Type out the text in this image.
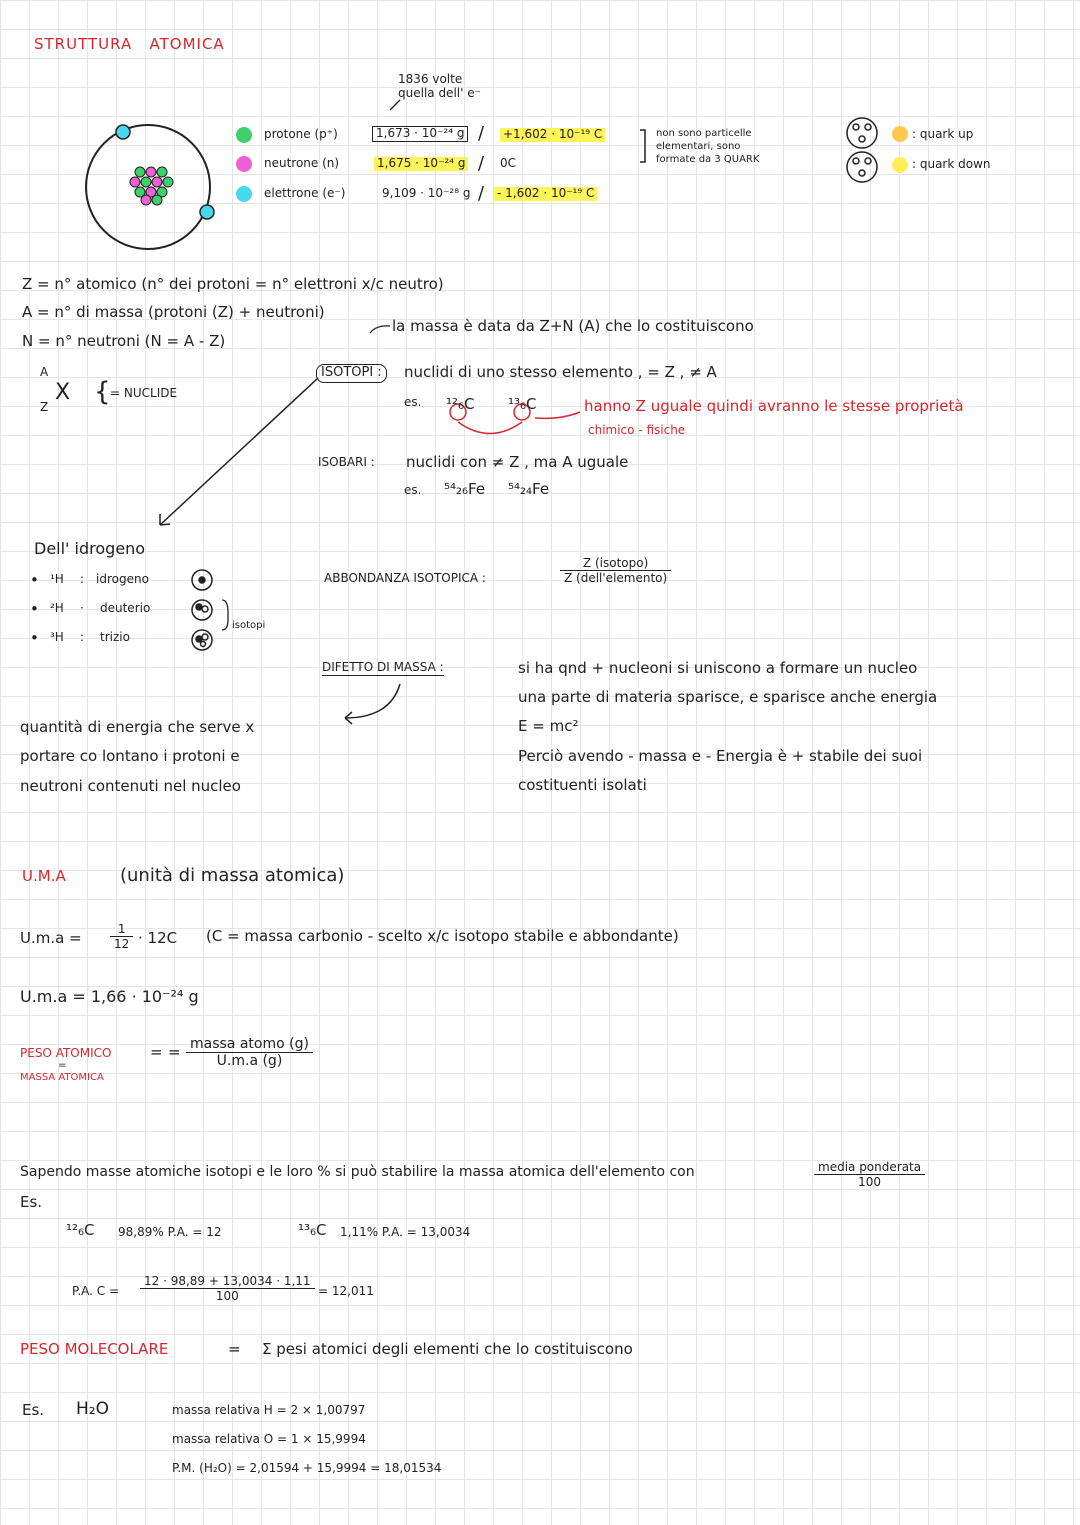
STRUTTURA ATOMICA
1836 volte
quella dell' e⁻
protone (p⁺)	1,673 · 10⁻²⁴ g / +1,602 · 10⁻¹⁹ C
neutrone (n)	1,675 · 10⁻²⁴ g / 0C
elettrone (e⁻)	9,109 · 10⁻²⁸ g / - 1,602 · 10⁻¹⁹ C
non sono particelle
elementari, sono
formate da 3 QUARK
: quark up
: quark down
Z = n° atomico (n° dei protoni = n° elettroni x/c neutro)
A = n° di massa (protoni (Z) + neutroni)
N = n° neutroni (N = A - Z)
A
X
Z { = NUCLIDE
la massa è data da Z+N (A) che lo costituiscono
ISOTOPI :	nuclidi di uno stesso elemento , = Z , ≠ A
es. ¹²₆C ¹³₆C	hanno Z uguale quindi avranno le stesse proprietà
chimico - fisiche
ISOBARI : nuclidi con ≠ Z , ma A uguale
es. ⁵⁴₂₆Fe ⁵⁴₂₄Fe
ABBONDANZA ISOTOPICA :
Z (isotopo)
Z (dell'elemento)
Dell' idrogeno
• ¹H : idrogeno
• ²H · deuterio
• ³H : trizio
isotopi
DIFETTO DI MASSA :	si ha qnd + nucleoni si uniscono a formare un nucleo
una parte di materia sparisce, e sparisce anche energia
E = mc²
Perciò avendo - massa e - Energia è + stabile dei suoi
costituenti isolati
quantità di energia che serve x
portare co lontano i protoni e
neutroni contenuti nel nucleo
U.M.A	(unità di massa atomica)
$U.m.a = \frac{1}{12} \cdot 12C$ (C = massa carbonio - scelto x/c isotopo stabile e abbondante)
U.m.a = 1,66 · 10⁻²⁴ g
PESO ATOMICO	=
=
MASSA ATOMICA
= massa atomo (g)
U.m.a (g)
Sapendo masse atomiche isotopi e le loro % si può stabilire la massa atomica dell'elemento con	media ponderata
100
Es.
¹²₆C 98,89% P.A. = 12	¹³₆C 1,11% P.A. = 13,0034
P.A. $C = \frac{12 \cdot 98,89 + 13,0034 \cdot 1,11}{100} = 12,011$
PESO MOLECOLARE	= Σ pesi atomici degli elementi che lo costituiscono
Es. H₂O	massa relativa H = 2 × 1,00797
massa relativa O = 1 × 15,9994
P.M. (H₂O) = 2,01594 + 15,9994 = 18,01534
